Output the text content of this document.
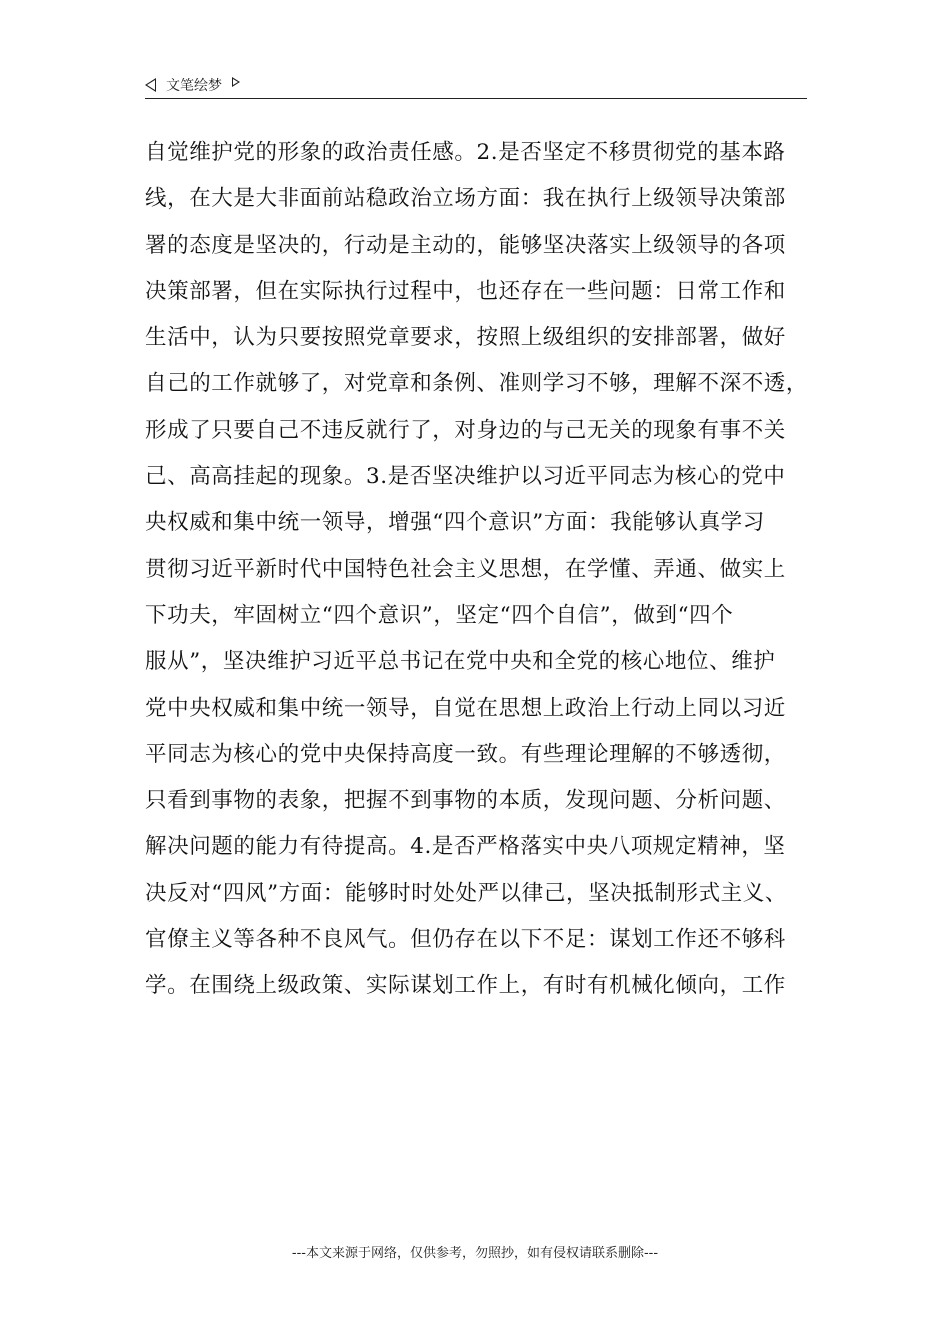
文笔绘梦
自觉维护党的形象的政治责任感。2.是否坚定不移贯彻党的基本路
线，在大是大非面前站稳政治立场方面：我在执行上级领导决策部
署的态度是坚决的，行动是主动的，能够坚决落实上级领导的各项
决策部署，但在实际执行过程中，也还存在一些问题：日常工作和
生活中，认为只要按照党章要求，按照上级组织的安排部署，做好
自己的工作就够了，对党章和条例、准则学习不够，理解不深不透，
形成了只要自己不违反就行了，对身边的与己无关的现象有事不关
己、高高挂起的现象。3.是否坚决维护以习近平同志为核心的党中
央权威和集中统一领导，增强“四个意识”方面：我能够认真学习
贯彻习近平新时代中国特色社会主义思想，在学懂、弄通、做实上
下功夫，牢固树立“四个意识”，坚定“四个自信”，做到“四个
服从”，坚决维护习近平总书记在党中央和全党的核心地位、维护
党中央权威和集中统一领导，自觉在思想上政治上行动上同以习近
平同志为核心的党中央保持高度一致。有些理论理解的不够透彻，
只看到事物的表象，把握不到事物的本质，发现问题、分析问题、
解决问题的能力有待提高。4.是否严格落实中央八项规定精神，坚
决反对“四风”方面：能够时时处处严以律己，坚决抵制形式主义、
官僚主义等各种不良风气。但仍存在以下不足：谋划工作还不够科
学。在围绕上级政策、实际谋划工作上，有时有机械化倾向，工作
---本文来源于网络，仅供参考，勿照抄，如有侵权请联系删除---
